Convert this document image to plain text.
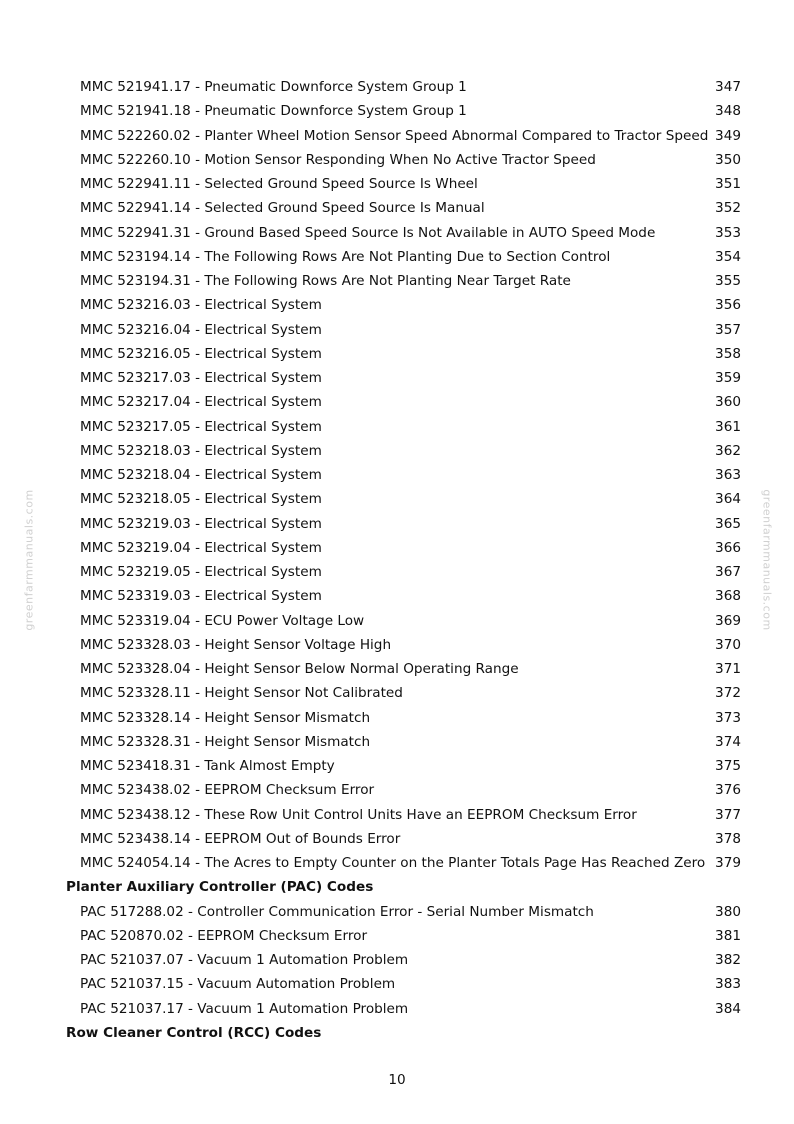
greenfarmmanuals.com	greenfarmmanuals.com
MMC 521941.17 - Pneumatic Downforce System Group 1	347
MMC 521941.18 - Pneumatic Downforce System Group 1	348
MMC 522260.02 - Planter Wheel Motion Sensor Speed Abnormal Compared to Tractor Speed 349
MMC 522260.10 - Motion Sensor Responding When No Active Tractor Speed	350
MMC 522941.11 - Selected Ground Speed Source Is Wheel	351
MMC 522941.14 - Selected Ground Speed Source Is Manual	352
MMC 522941.31 - Ground Based Speed Source Is Not Available in AUTO Speed Mode	353
MMC 523194.14 - The Following Rows Are Not Planting Due to Section Control	354
MMC 523194.31 - The Following Rows Are Not Planting Near Target Rate	355
MMC 523216.03 - Electrical System	356
MMC 523216.04 - Electrical System	357
MMC 523216.05 - Electrical System	358
MMC 523217.03 - Electrical System	359
MMC 523217.04 - Electrical System	360
MMC 523217.05 - Electrical System	361
MMC 523218.03 - Electrical System	362
MMC 523218.04 - Electrical System	363
MMC 523218.05 - Electrical System	364
MMC 523219.03 - Electrical System	365
MMC 523219.04 - Electrical System	366
MMC 523219.05 - Electrical System	367
MMC 523319.03 - Electrical System	368
MMC 523319.04 - ECU Power Voltage Low	369
MMC 523328.03 - Height Sensor Voltage High	370
MMC 523328.04 - Height Sensor Below Normal Operating Range	371
MMC 523328.11 - Height Sensor Not Calibrated	372
MMC 523328.14 - Height Sensor Mismatch	373
MMC 523328.31 - Height Sensor Mismatch	374
MMC 523418.31 - Tank Almost Empty	375
MMC 523438.02 - EEPROM Checksum Error	376
MMC 523438.12 - These Row Unit Control Units Have an EEPROM Checksum Error	377
MMC 523438.14 - EEPROM Out of Bounds Error	378
MMC 524054.14 - The Acres to Empty Counter on the Planter Totals Page Has Reached Zero 379
Planter Auxiliary Controller (PAC) Codes
PAC 517288.02 - Controller Communication Error - Serial Number Mismatch	380
PAC 520870.02 - EEPROM Checksum Error	381
PAC 521037.07 - Vacuum 1 Automation Problem	382
PAC 521037.15 - Vacuum Automation Problem	383
PAC 521037.17 - Vacuum 1 Automation Problem	384
Row Cleaner Control (RCC) Codes
10
